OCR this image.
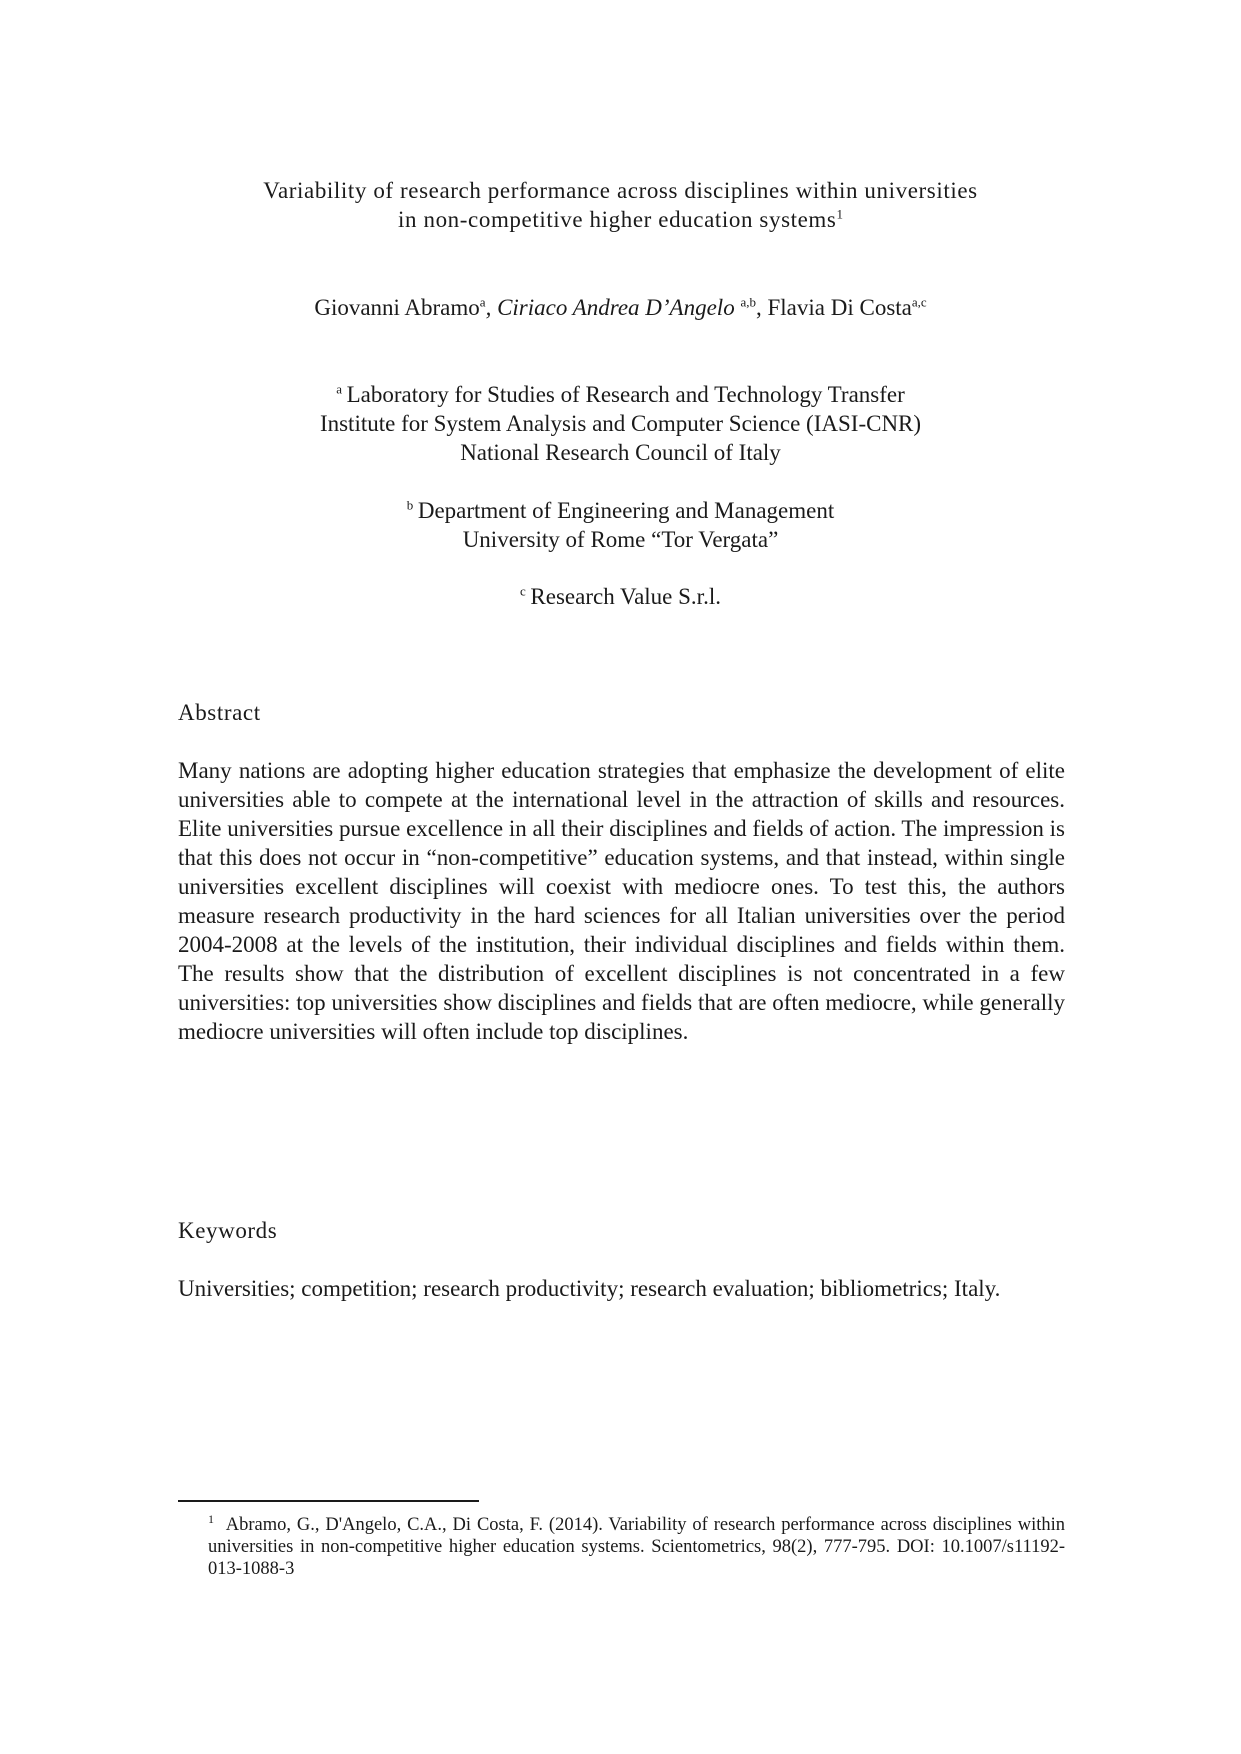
Variability of research performance across disciplines within universities
in non-competitive higher education systems$^1$
Giovanni Abramo$^a$, Ciriaco Andrea D’Angelo $^{a,b}$, Flavia Di Costa$^{a,c}$
$^a$  Laboratory for Studies of Research and Technology Transfer
Institute for System Analysis and Computer Science (IASI-CNR)
National Research Council of Italy
$^b$  Department of Engineering and Management
University of Rome “Tor Vergata”
$^c$  Research Value S.r.l.
Abstract
Many nations are adopting higher education strategies that emphasize the development of elite universities able to compete at the international level in the attraction of skills and resources. Elite universities pursue excellence in all their disciplines and fields of action. The impression is that this does not occur in “non-competitive” education systems, and that instead, within single universities excellent disciplines will coexist with mediocre ones. To test this, the authors measure research productivity in the hard sciences for all Italian universities over the period 2004-2008 at the levels of the institution, their individual disciplines and fields within them. The results show that the distribution of excellent disciplines is not concentrated in a few universities: top universities show disciplines and fields that are often mediocre, while generally mediocre universities will often include top disciplines.
Keywords
Universities; competition; research productivity; research evaluation; bibliometrics; Italy.
$^1$ Abramo, G., D'Angelo, C.A., Di Costa, F. (2014). Variability of research performance across disciplines within universities in non-competitive higher education systems. Scientometrics, 98(2), 777-795. DOI: 10.1007/s11192-013-1088-3
